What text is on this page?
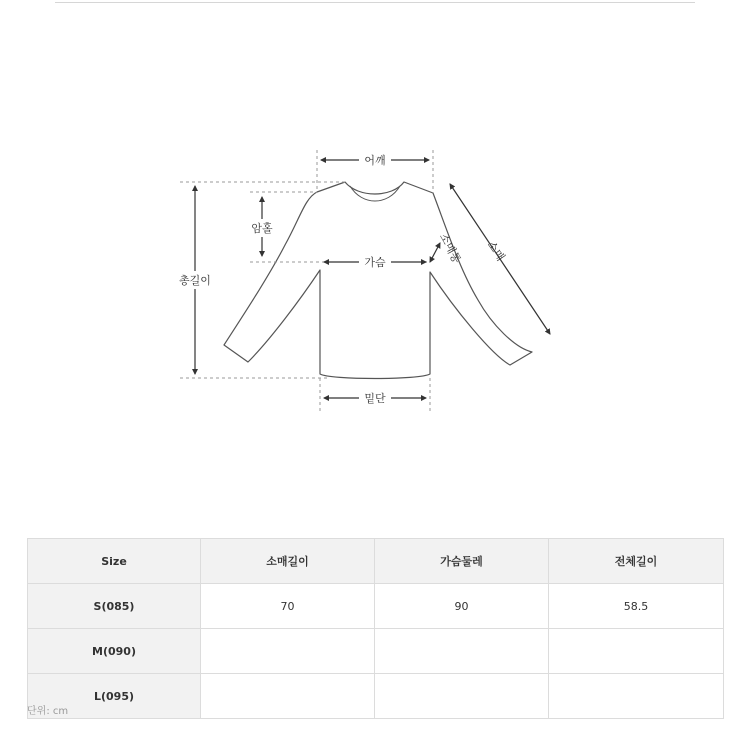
어깨
암홀
총길이
가슴	소매통 소매
밑단
Size	소매길이	가슴둘레	전체길이
S(085)	70	90	58.5
M(090)			
L(095)			
단위: cm
